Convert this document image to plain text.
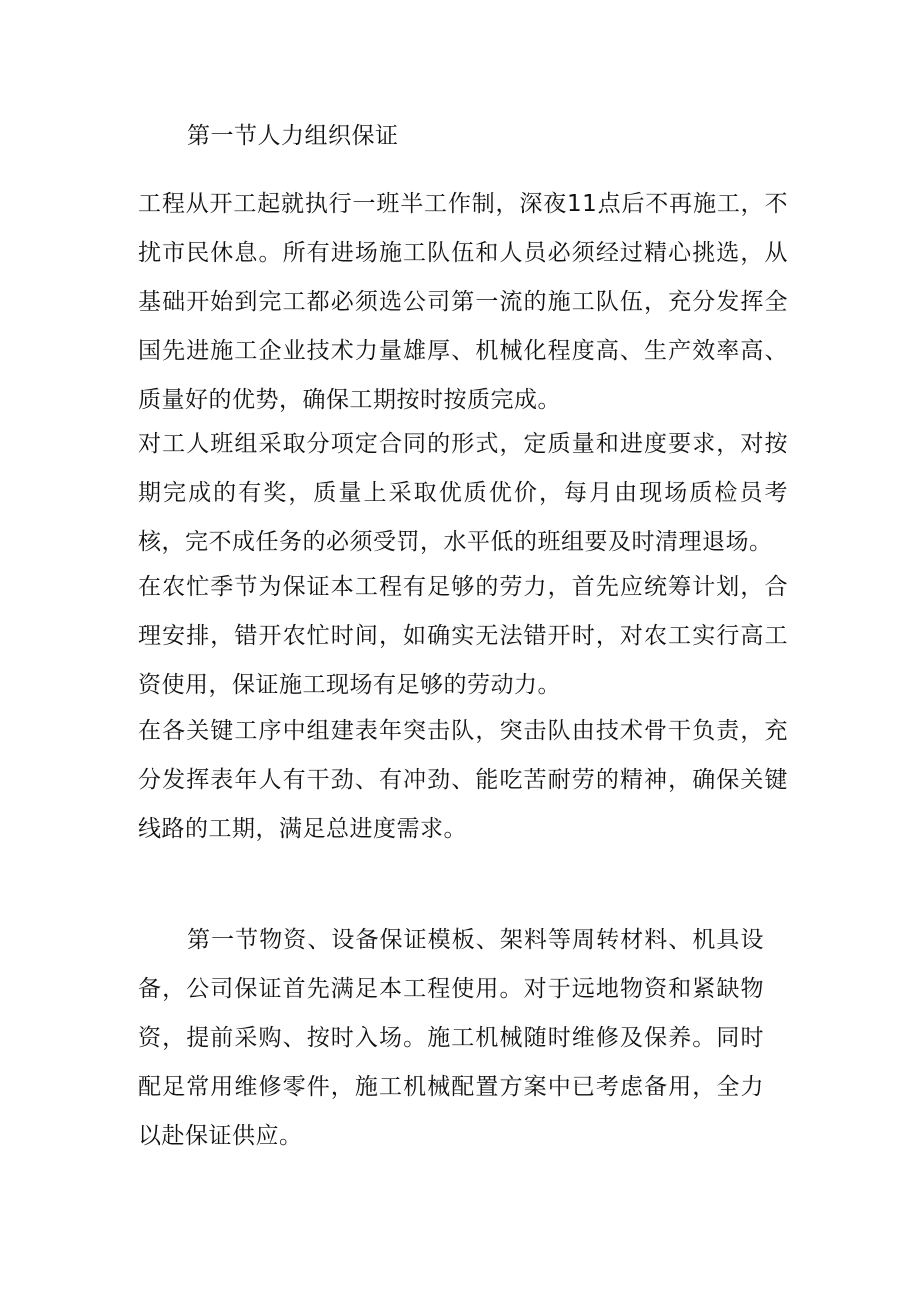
第一节人力组织保证
工程从开工起就执行一班半工作制，深夜11点后不再施工，不扰市民休息。所有进场施工队伍和人员必须经过精心挑选，从基础开始到完工都必须选公司第一流的施工队伍，充分发挥全国先进施工企业技术力量雄厚、机械化程度高、生产效率高、质量好的优势，确保工期按时按质完成。
对工人班组采取分项定合同的形式，定质量和进度要求，对按期完成的有奖，质量上采取优质优价，每月由现场质检员考核，完不成任务的必须受罚，水平低的班组要及时清理退场。
在农忙季节为保证本工程有足够的劳力，首先应统筹计划，合理安排，错开农忙时间，如确实无法错开时，对农工实行高工资使用，保证施工现场有足够的劳动力。
在各关键工序中组建表年突击队，突击队由技术骨干负责，充分发挥表年人有干劲、有冲劲、能吃苦耐劳的精神，确保关键线路的工期，满足总进度需求。
第一节物资、设备保证模板、架料等周转材料、机具设备，公司保证首先满足本工程使用。对于远地物资和紧缺物资，提前采购、按时入场。施工机械随时维修及保养。同时配足常用维修零件，施工机械配置方案中已考虑备用，全力以赴保证供应。
